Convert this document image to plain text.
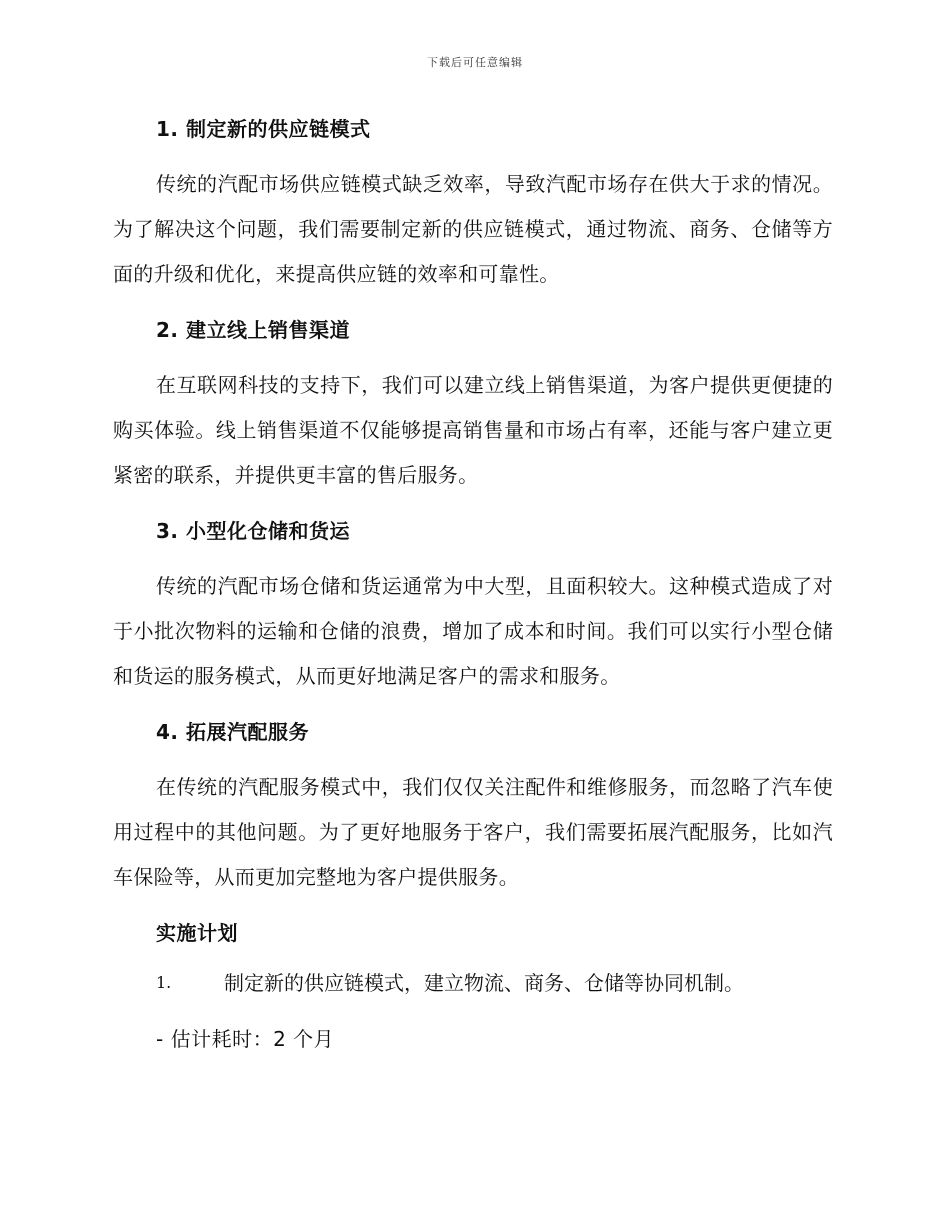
下载后可任意编辑
1. 制定新的供应链模式
传统的汽配市场供应链模式缺乏效率，导致汽配市场存在供大于求的情况。为了解决这个问题，我们需要制定新的供应链模式，通过物流、商务、仓储等方面的升级和优化，来提高供应链的效率和可靠性。
2. 建立线上销售渠道
在互联网科技的支持下，我们可以建立线上销售渠道，为客户提供更便捷的购买体验。线上销售渠道不仅能够提高销售量和市场占有率，还能与客户建立更紧密的联系，并提供更丰富的售后服务。
3. 小型化仓储和货运
传统的汽配市场仓储和货运通常为中大型，且面积较大。这种模式造成了对于小批次物料的运输和仓储的浪费，增加了成本和时间。我们可以实行小型仓储和货运的服务模式，从而更好地满足客户的需求和服务。
4. 拓展汽配服务
在传统的汽配服务模式中，我们仅仅关注配件和维修服务，而忽略了汽车使用过程中的其他问题。为了更好地服务于客户，我们需要拓展汽配服务，比如汽车保险等，从而更加完整地为客户提供服务。
实施计划
1.	制定新的供应链模式，建立物流、商务、仓储等协同机制。
- 估计耗时：2 个月
